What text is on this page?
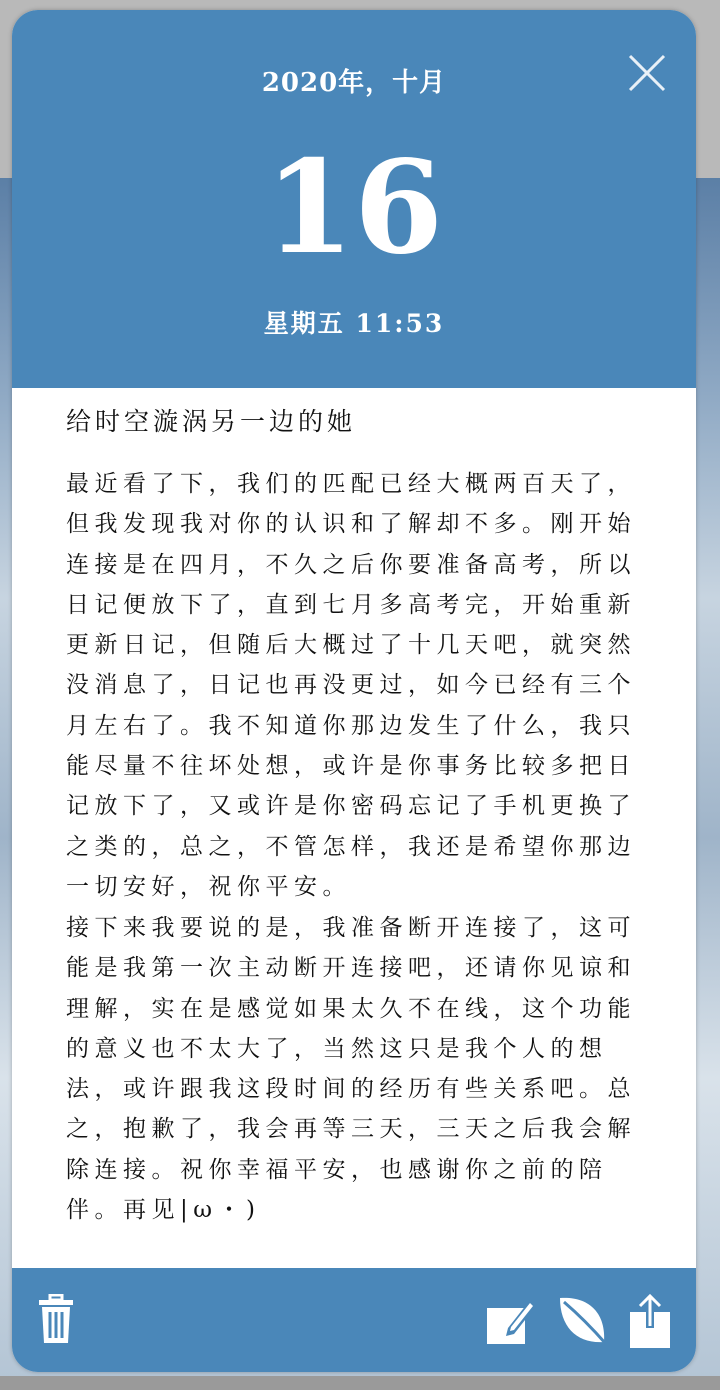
2020年，十月
16
星期五 11:53
给时空漩涡另一边的她

最近看了下，我们的匹配已经大概两百天了，但我发现我对你的认识和了解却不多。刚开始连接是在四月，不久之后你要准备高考，所以日记便放下了，直到七月多高考完，开始重新更新日记，但随后大概过了十几天吧，就突然没消息了，日记也再没更过，如今已经有三个月左右了。我不知道你那边发生了什么，我只能尽量不往坏处想，或许是你事务比较多把日记放下了，又或许是你密码忘记了手机更换了之类的，总之，不管怎样，我还是希望你那边一切安好，祝你平安。

接下来我要说的是，我准备断开连接了，这可能是我第一次主动断开连接吧，还请你见谅和理解，实在是感觉如果太久不在线，这个功能的意义也不太大了，当然这只是我个人的想法，或许跟我这段时间的经历有些关系吧。总之，抱歉了，我会再等三天，三天之后我会解除连接。祝你幸福平安，也感谢你之前的陪伴。再见|ω・)
